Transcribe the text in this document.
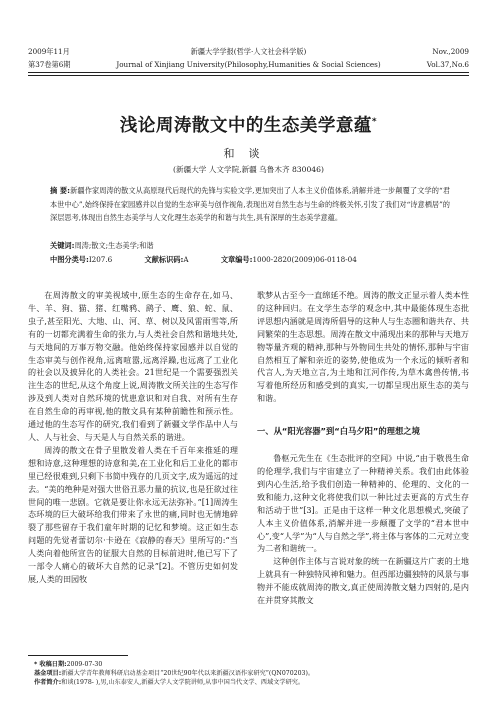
2009年11月	新疆大学学报(哲学·人文社会科学版)	Nov.,2009
第37卷第6期	Journal of Xinjiang University(Philosophy,Humanities & Social Sciences)	Vol.37,No.6
浅论周涛散文中的生态美学意蕴*
和谈
(新疆大学 人文学院,新疆 乌鲁木齐 830046)
摘 要:新疆作家周涛的散文从高原现代后现代的先锋与实验文学,更加突出了人本主义价值体系,消解并进一步颠覆了文学的“君本世中心”,始终保持在家园感并以自觉的生态审美与创作视角,表现出对自然生态与生命的终极关怀,引发了我们对“诗意栖居”的深层思考,体现出自然生态美学与人文化理生态美学的和谐与共生,具有深厚的生态美学意蕴。
关键词:周涛;散文;生态美学;和谐
中图分类号:I207.6	文献标识码:A	文章编号:1000-2820(2009)06-0118-04

在周涛散文的审美视域中,原生态的生命存在,如马、牛、羊、狗、猫、猪、红嘴鸦、鹞子、鹰、狼、蛇、鼠、虫子,甚至阳光、大地、山、河、草、树以及风雷雨雪等,所有的一切都充满着生命的张力,与人类社会自然和谐地共处,与天地间的万事万物交融。他始终保持家园感并以自觉的生态审美与创作视角,远离喧嚣,远离浮躁,也远离了工业化的社会以及披异化的人类社会。21世纪是一个需要强烈关注生态的世纪,从这个角度上说,周涛散文所关注的生态写作涉及到人类对自然环境的忧患意识和对自我、对所有生存在自然生命的再审视,他的散文具有某种前瞻性和预示性。通过他的生态写作的研究,我们看到了新疆文学作品中人与人、人与社会、与天是人与自然关系的谐进。

周涛的散文在骨子里散发着人类在千百年来推延的理想和诗意,这种理想的诗意和美,在工业化和后工业化的都市里已经很难到,只剩下书简中残存的几页文字,成为遥远的过去。“美的绝种是对强大世俗丑恶力量的抗议,也是狂欲过往世间的唯一悲剧。它就是要让你永远无法弥补。”[1]周涛生态环境的巨大破坏给我们带来了永世的痛,同时也无情地碎裂了那些留存于我们童年时期的记忆和梦境。这正如生态问题的先觉者蕾切尔·卡逊在《寂静的春天》里所写的:“当人类向着他所宣告的征服大自然的目标前进时,他已写下了一部令人痛心的破坏大自然的记录”[2]。不管历史如何发展,人类的田园牧

歌梦从古至今一直绵延不绝。周涛的散文正显示着人类本性的这种回归。在文学生态学的观念中,其中最能体现生态批评思想内涵就是周涛所倡导的这种人与生态圈和谐共存、共同繁荣的生态思想。周涛在散文中涌现出来的那种与天地万物等量齐观的精神,那种与外物同生共处的情怀,那种与宇宙自然相互了解和亲近的姿势,使他成为一个永远的倾听者和代言人,为天地立言,为土地和江河作传,为草木禽兽传情,书写着他所经历和感受到的真实,一切都呈现出原生态的美与和谐。

一、从“阳光容器”到“白马夕阳”的理想之境

鲁枢元先生在《生态批评的空间》中说,“由于敬畏生命的伦理学,我们与宇宙建立了一种精神关系。我们由此体验到内心生活,给予我们创造一种精神的、伦理的、文化的一致和能力,这种文化将使我们以一种比过去更高的方式生存和活动于世”[3]。正是由于这样一种文化思想模式,突破了人本主义价值体系,消解并进一步颠覆了文学的“君本世中心”,变“人学”为“人与自然之学”,将主体与客体的二元对立变为二者和谐统一。

这种创作主体与言说对象的统一在新疆这片广袤的土地上就具有一种独特风神和魅力。但西部边疆独特的风景与事物并不能成就周涛的散文,真正使周涛散文魅力四射的,是内在并贯穿其散文

* 收稿日期:2009-07-30
基金项目:新疆大学青年教师科研启动基金项目“20世纪90年代以来新疆汉语作家研究”(QN070203)。
作者简介:和谈(1978- ),男,山东泰安人,新疆大学人文学院讲师,从事中国当代文学、西域文学研究。
